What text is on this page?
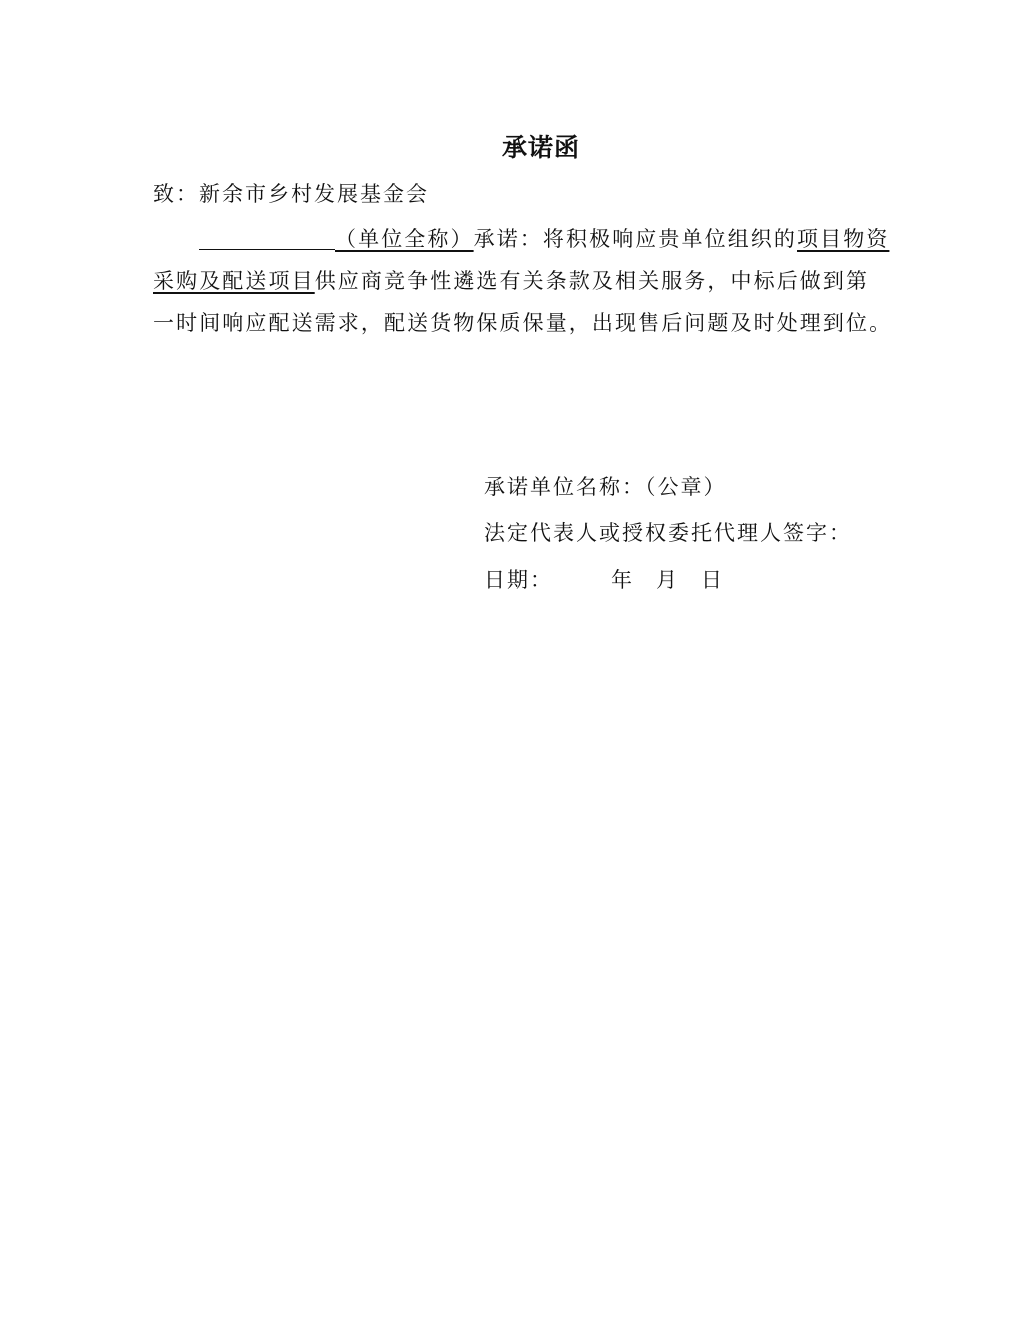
承诺函
致：新余市乡村发展基金会
（单位全称）承诺：将积极响应贵单位组织的项目物资
采购及配送项目供应商竞争性遴选有关条款及相关服务，中标后做到第
一时间响应配送需求，配送货物保质保量，出现售后问题及时处理到位。
承诺单位名称：（公章）
法定代表人或授权委托代理人签字：
日期：	年 月 日
